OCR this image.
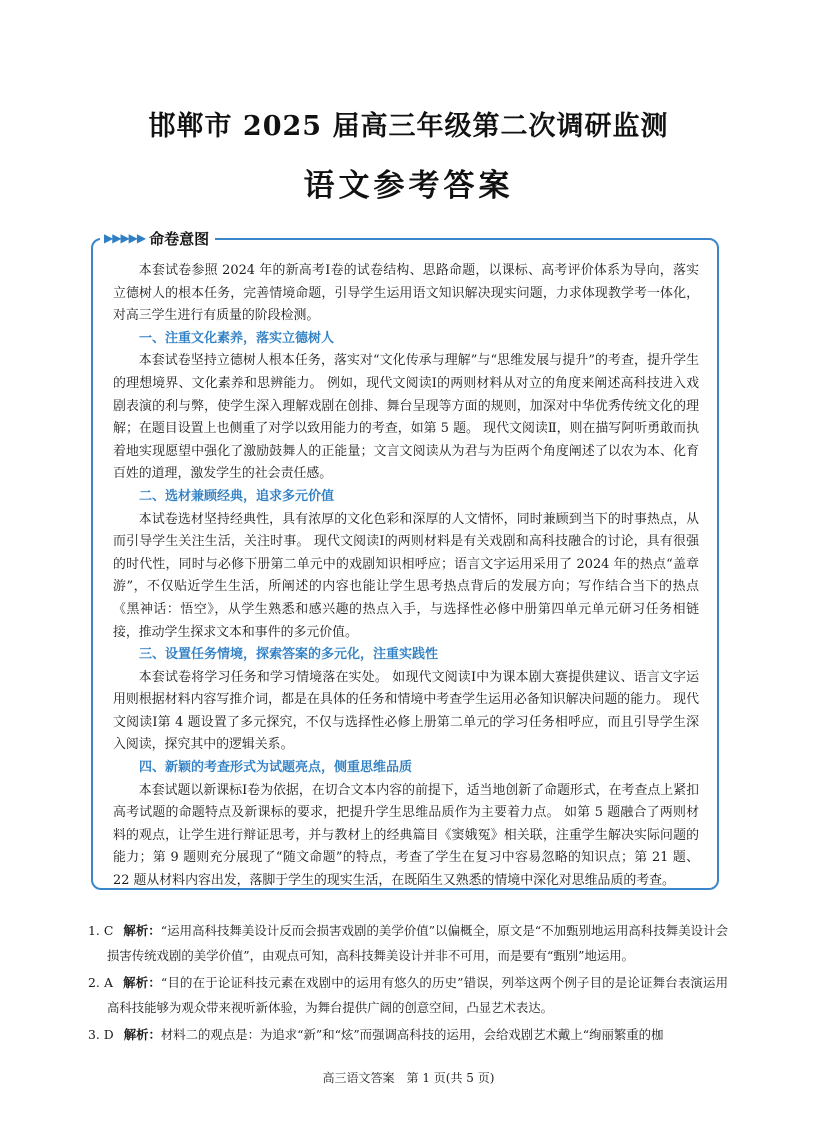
邯郸市 2025 届高三年级第二次调研监测
语文参考答案
▶▶▶▶▶ 命卷意图

本套试卷参照 2024 年的新高考Ⅰ卷的试卷结构、思路命题，以课标、高考评价体系为导向，落实立德树人的根本任务，完善情境命题，引导学生运用语文知识解决现实问题，力求体现教学考一体化，对高三学生进行有质量的阶段检测。

一、注重文化素养，落实立德树人

本套试卷坚持立德树人根本任务，落实对“文化传承与理解”与“思维发展与提升”的考查，提升学生的理想境界、文化素养和思辨能力。 例如，现代文阅读Ⅰ的两则材料从对立的角度来阐述高科技进入戏剧表演的利与弊，使学生深入理解戏剧在创排、舞台呈现等方面的规则，加深对中华优秀传统文化的理解；在题目设置上也侧重了对学以致用能力的考查，如第 5 题。 现代文阅读Ⅱ，则在描写阿听勇敢而执着地实现愿望中强化了激励鼓舞人的正能量；文言文阅读从为君与为臣两个角度阐述了以农为本、化育百姓的道理，激发学生的社会责任感。

二、选材兼顾经典，追求多元价值

本试卷选材坚持经典性，具有浓厚的文化色彩和深厚的人文情怀，同时兼顾到当下的时事热点，从而引导学生关注生活，关注时事。 现代文阅读Ⅰ的两则材料是有关戏剧和高科技融合的讨论，具有很强的时代性，同时与必修下册第二单元中的戏剧知识相呼应；语言文字运用采用了 2024 年的热点“盖章游”，不仅贴近学生生活，所阐述的内容也能让学生思考热点背后的发展方向；写作结合当下的热点《黑神话：悟空》，从学生熟悉和感兴趣的热点入手，与选择性必修中册第四单元单元研习任务相链接，推动学生探求文本和事件的多元价值。

三、设置任务情境，探索答案的多元化，注重实践性

本套试卷将学习任务和学习情境落在实处。 如现代文阅读Ⅰ中为课本剧大赛提供建议、语言文字运用则根据材料内容写推介词，都是在具体的任务和情境中考查学生运用必备知识解决问题的能力。 现代文阅读Ⅰ第 4 题设置了多元探究，不仅与选择性必修上册第二单元的学习任务相呼应，而且引导学生深入阅读，探究其中的逻辑关系。

四、新颖的考查形式为试题亮点，侧重思维品质

本套试题以新课标Ⅰ卷为依据，在切合文本内容的前提下，适当地创新了命题形式，在考查点上紧扣高考试题的命题特点及新课标的要求，把提升学生思维品质作为主要着力点。 如第 5 题融合了两则材料的观点，让学生进行辩证思考，并与教材上的经典篇目《窦娥冤》相关联，注重学生解决实际问题的能力；第 9 题则充分展现了“随文命题”的特点，考查了学生在复习中容易忽略的知识点；第 21 题、22 题从材料内容出发，落脚于学生的现实生活，在既陌生又熟悉的情境中深化对思维品质的考查。

1. C 解析：“运用高科技舞美设计反而会损害戏剧的美学价值”以偏概全，原文是“不加甄别地运用高科技舞美设计会损害传统戏剧的美学价值”，由观点可知，高科技舞美设计并非不可用，而是要有“甄别”地运用。

2. A 解析：“目的在于论证科技元素在戏剧中的运用有悠久的历史”错误，列举这两个例子目的是论证舞台表演运用高科技能够为观众带来视听新体验，为舞台提供广阔的创意空间，凸显艺术表达。

3. D 解析：材料二的观点是：为追求“新”和“炫”而强调高科技的运用，会给戏剧艺术戴上“绚丽繁重的枷

高三语文答案　第 1 页(共 5 页)
